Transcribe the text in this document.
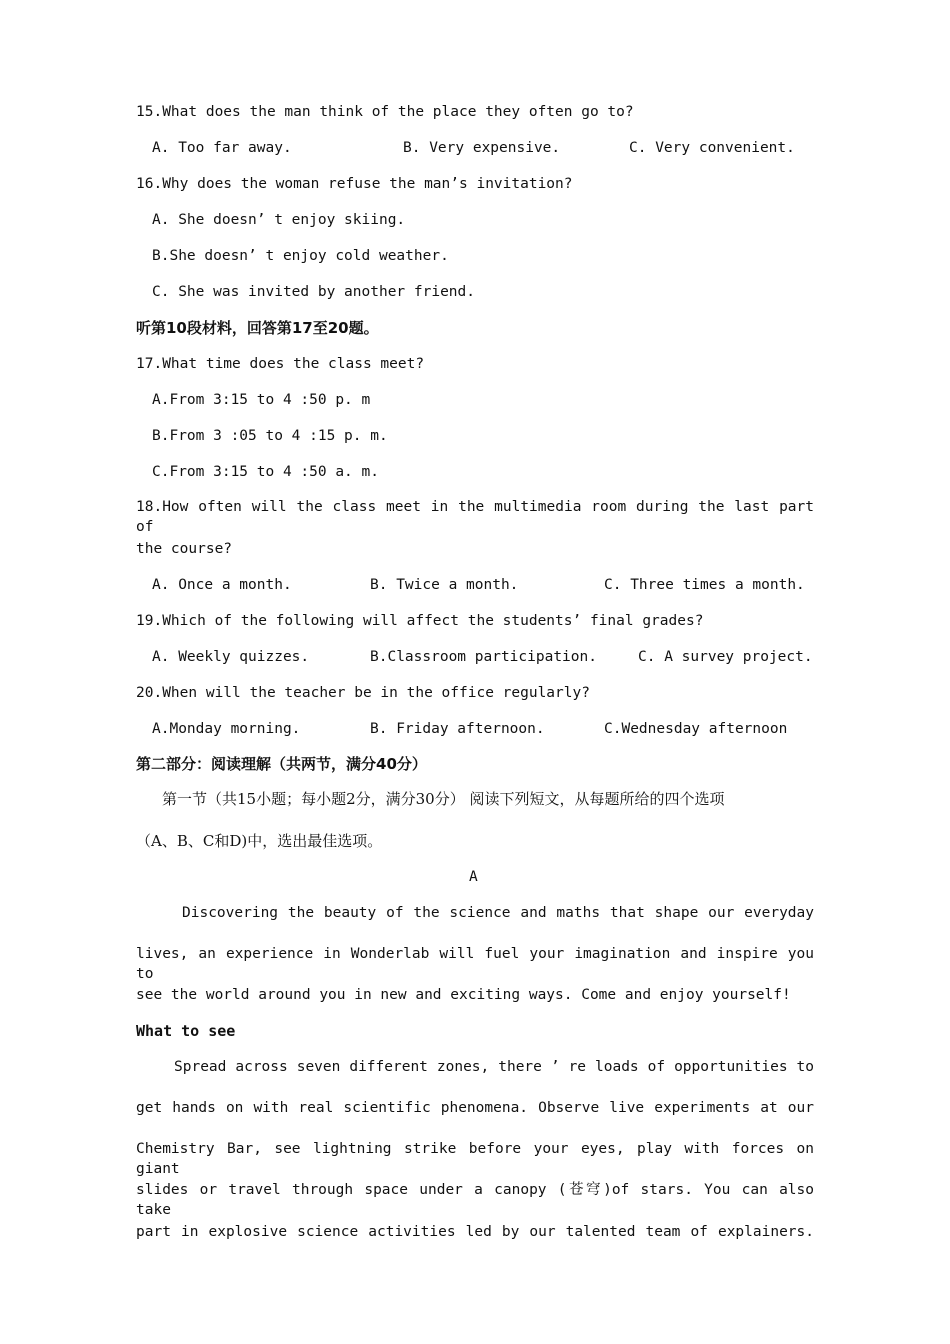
15.What does the man think of the place they often go to?
A. Too far away.	B. Very expensive.	C. Very convenient.
16.Why does the woman refuse the man’s invitation?
A. She doesn’ t enjoy skiing.
B.She doesn’ t enjoy cold weather.
C. She was invited by another friend.
听第10段材料，回答第17至20题。
17.What time does the class meet?
A.From 3:15 to 4 :50 p. m
B.From 3 :05 to 4 :15 p. m.
C.From 3:15 to 4 :50 a. m.
18.How often will the class meet in the multimedia room during the last part of
the course?
A. Once a month.	B. Twice a month.	C. Three times a month.
19.Which of the following will affect the students’ final grades?
A. Weekly quizzes.	B.Classroom participation.	C. A survey project.
20.When will the teacher be in the office regularly?
A.Monday morning.	B. Friday afternoon.	C.Wednesday afternoon
第二部分：阅读理解（共两节，满分40分）
第一节（共15小题；每小题2分，满分30分） 阅读下列短文，从每题所给的四个选项
（A、B、C和D)中，选出最佳选项。
A
Discovering the beauty of the science and maths that shape our everyday
lives, an experience in Wonderlab will fuel your imagination and inspire you to
see the world around you in new and exciting ways. Come and enjoy yourself!
What to see
Spread across seven different zones, there ’ re loads of opportunities to
get hands on with real scientific phenomena. Observe live experiments at our
Chemistry Bar, see lightning strike before your eyes, play with forces on giant
slides or travel through space under a canopy (苍穹)of stars. You can also take
part in explosive science activities led by our talented team of explainers.
